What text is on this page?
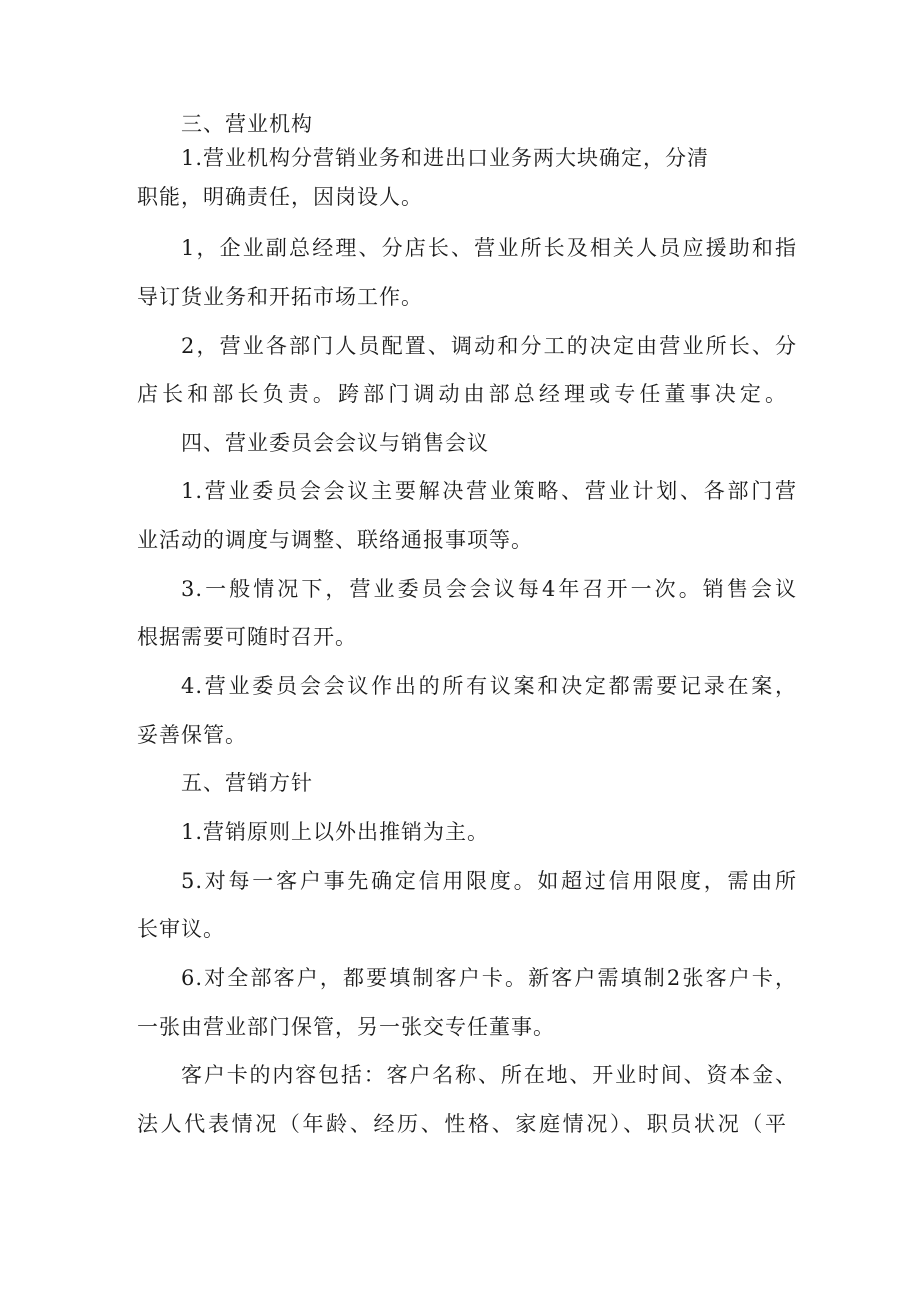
三、营业机构

1.营业机构分营销业务和进出口业务两大块确定，分清

职能，明确责任，因岗设人。

1，企业副总经理、分店长、营业所长及相关人员应援助和指

导订货业务和开拓市场工作。

2，营业各部门人员配置、调动和分工的决定由营业所长、分

店长和部长负责。跨部门调动由部总经理或专任董事决定。

四、营业委员会会议与销售会议

1.营业委员会会议主要解决营业策略、营业计划、各部门营

业活动的调度与调整、联络通报事项等。

3.一般情况下，营业委员会会议每4年召开一次。销售会议

根据需要可随时召开。

4.营业委员会会议作出的所有议案和决定都需要记录在案，

妥善保管。

五、营销方针

1.营销原则上以外出推销为主。

5.对每一客户事先确定信用限度。如超过信用限度，需由所

长审议。

6.对全部客户，都要填制客户卡。新客户需填制2张客户卡，

一张由营业部门保管，另一张交专任董事。

客户卡的内容包括：客户名称、所在地、开业时间、资本金、

法人代表情况（年龄、经历、性格、家庭情况）、职员状况（平
